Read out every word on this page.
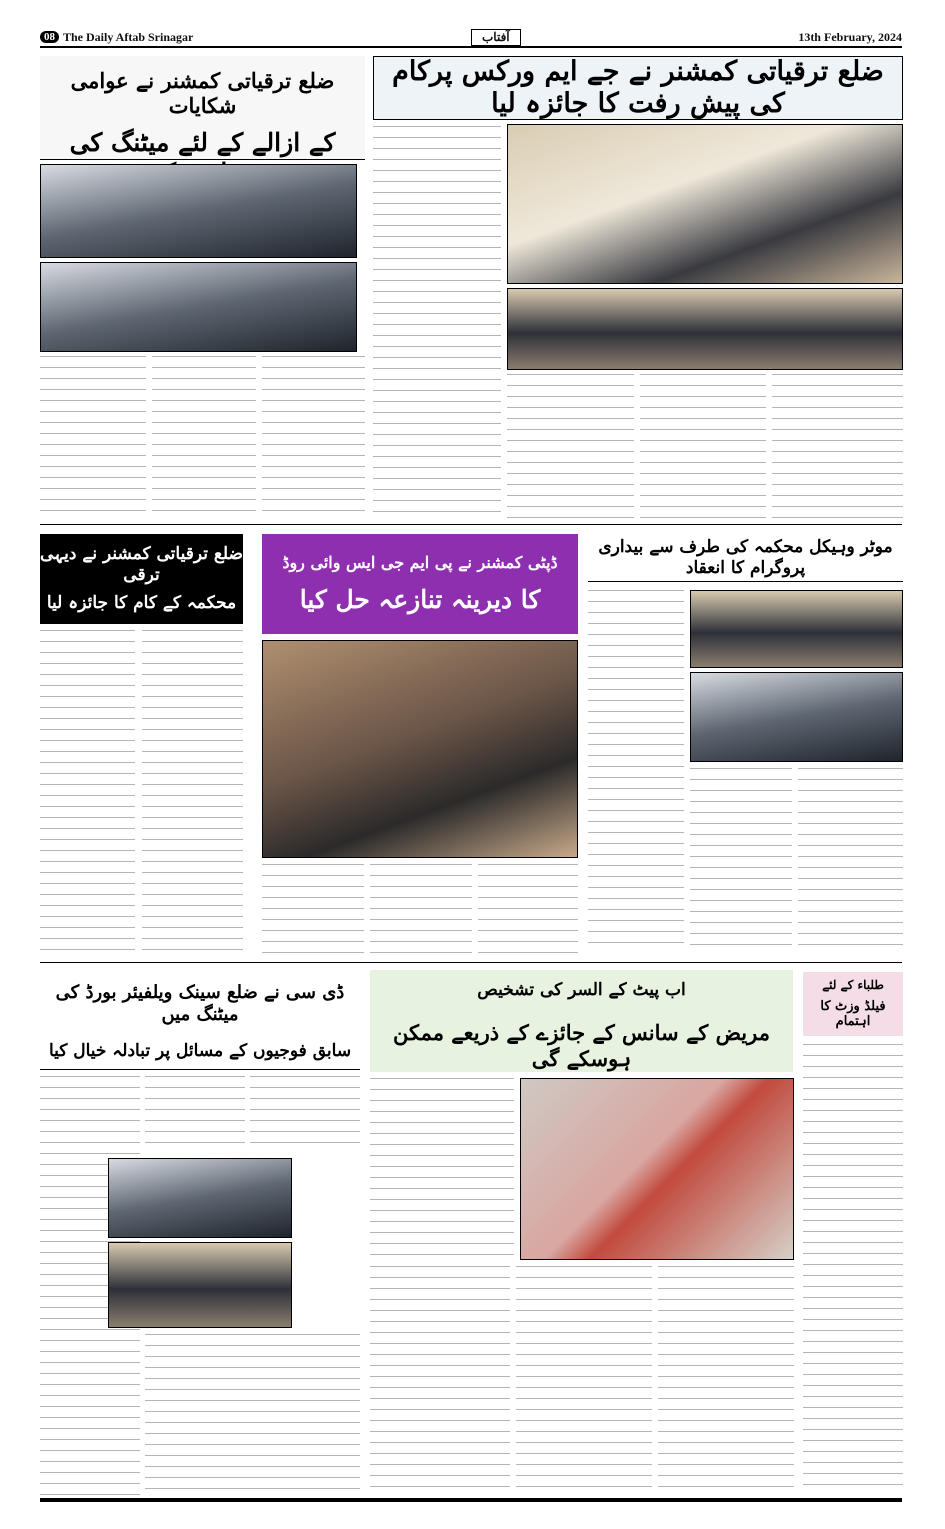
08 The Daily Aftab Srinagar	آفتاب	13th February, 2024
ضلع ترقیاتی کمشنر نے جے ایم ورکس پرکام کی پیش رفت کا جائزہ لیا
ضلع ترقیاتی کمشنر نے عوامی شکایات
کے ازالے کے لئے میٹنگ کی
ضلع ترقیاتی کمشنر نے دیہی ترقی
محکمہ کے کام کا جائزہ لیا
ڈپٹی کمشنر نے پی ایم جی ایس وائی روڈ
کا دیرینہ تنازعہ حل کیا
موٹر وہیکل محکمہ کی طرف سے بیداری پروگرام کا انعقاد
ڈی سی نے ضلع سینک ویلفیئر بورڈ کی میٹنگ میں
سابق فوجیوں کے مسائل پر تبادلہ خیال کیا
اب پیٹ کے السر کی تشخیص
مریض کے سانس کے جائزے کے ذریعے ممکن ہوسکے گی
طلباء کے لئے
فیلڈ وزٹ کا اہتمام
